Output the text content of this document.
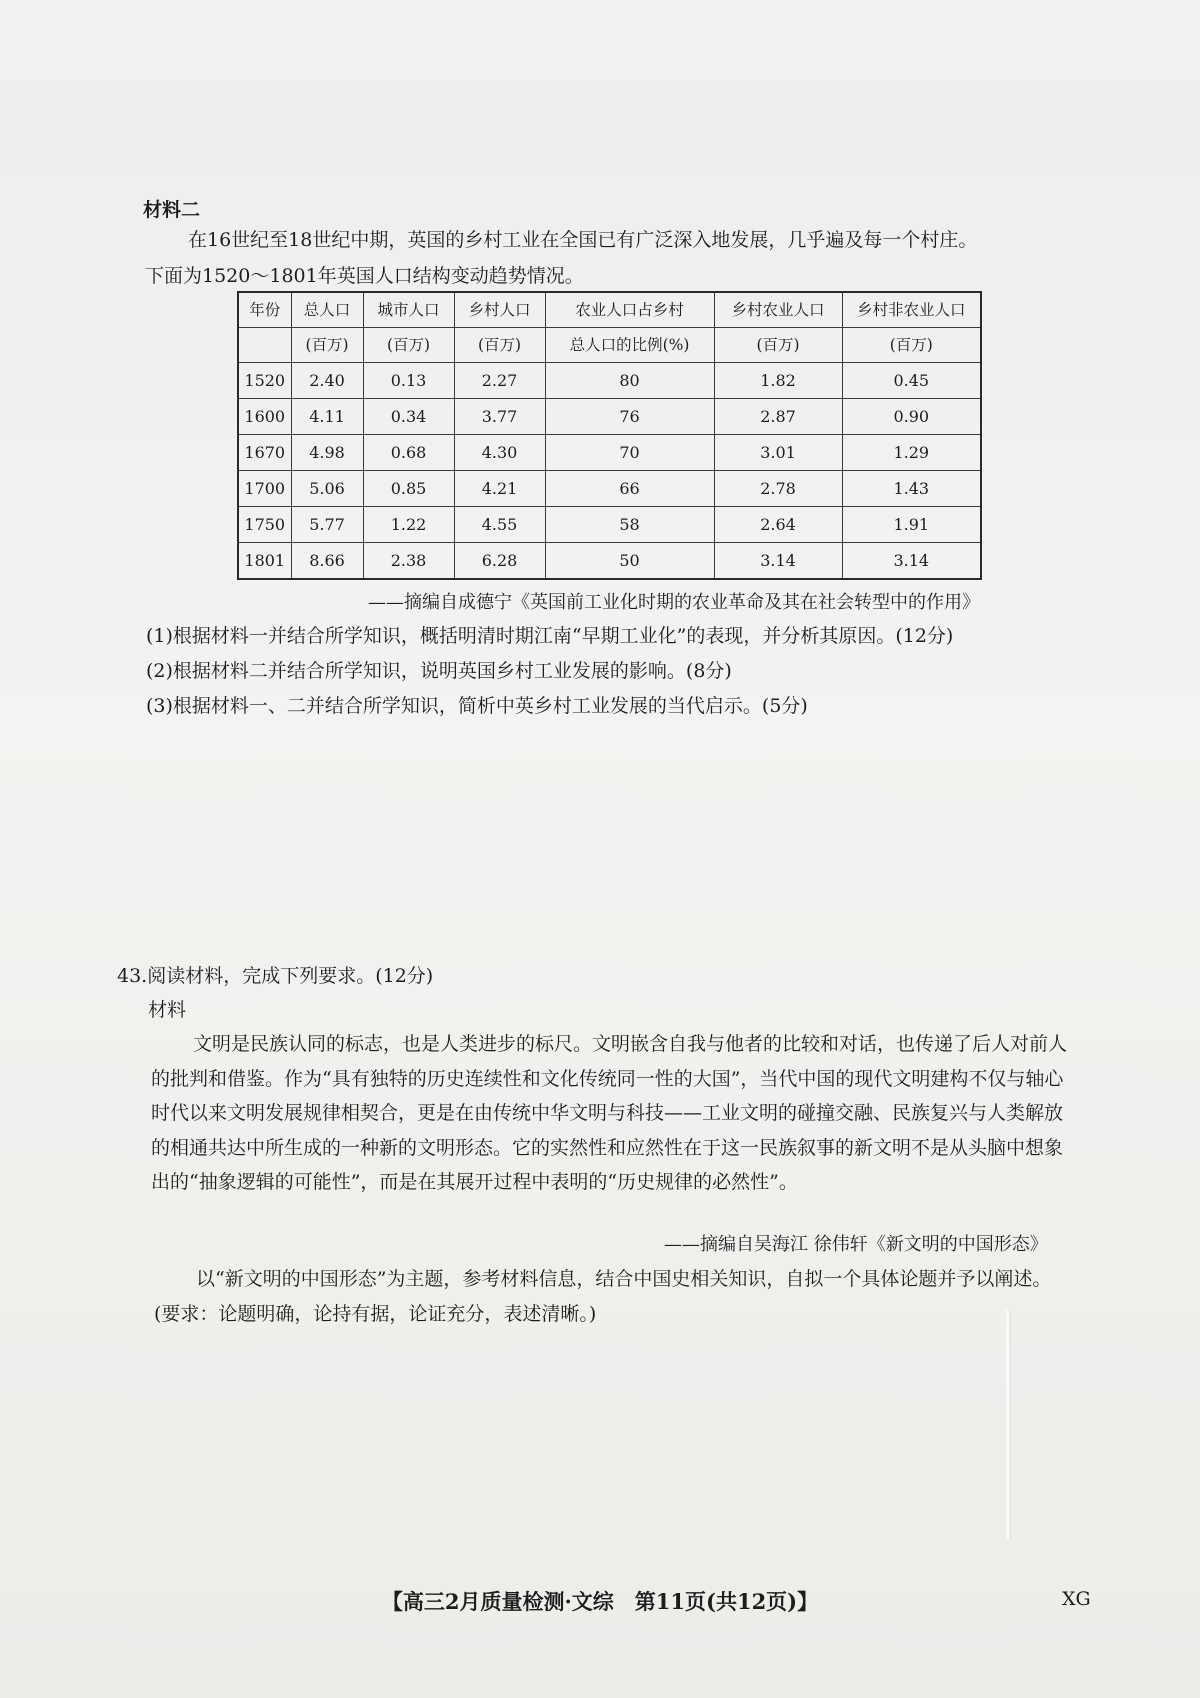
材料二
在16世纪至18世纪中期，英国的乡村工业在全国已有广泛深入地发展，几乎遍及每一个村庄。
下面为1520～1801年英国人口结构变动趋势情况。
年份	总人口	城市人口	乡村人口	农业人口占乡村	乡村农业人口	乡村非农业人口

	(百万)	(百万)	(百万)	总人口的比例(%)	(百万)	(百万)
1520	2.40	0.13	2.27	80	1.82	0.45
1600	4.11	0.34	3.77	76	2.87	0.90
1670	4.98	0.68	4.30	70	3.01	1.29
1700	5.06	0.85	4.21	66	2.78	1.43
1750	5.77	1.22	4.55	58	2.64	1.91
1801	8.66	2.38	6.28	50	3.14	3.14
——摘编自成德宁《英国前工业化时期的农业革命及其在社会转型中的作用》
(1)根据材料一并结合所学知识，概括明清时期江南“早期工业化”的表现，并分析其原因。(12分)
(2)根据材料二并结合所学知识，说明英国乡村工业发展的影响。(8分)
(3)根据材料一、二并结合所学知识，简析中英乡村工业发展的当代启示。(5分)
43.阅读材料，完成下列要求。(12分)
材料
文明是民族认同的标志，也是人类进步的标尺。文明嵌含自我与他者的比较和对话，也传递了后人对前人的批判和借鉴。作为“具有独特的历史连续性和文化传统同一性的大国”，当代中国的现代文明建构不仅与轴心时代以来文明发展规律相契合，更是在由传统中华文明与科技——工业文明的碰撞交融、民族复兴与人类解放的相通共达中所生成的一种新的文明形态。它的实然性和应然性在于这一民族叙事的新文明不是从头脑中想象出的“抽象逻辑的可能性”，而是在其展开过程中表明的“历史规律的必然性”。
——摘编自吴海江 徐伟轩《新文明的中国形态》
以“新文明的中国形态”为主题，参考材料信息，结合中国史相关知识，自拟一个具体论题并予以阐述。(要求：论题明确，论持有据，论证充分，表述清晰。)
【高三2月质量检测·文综　第11页(共12页)】	XG
